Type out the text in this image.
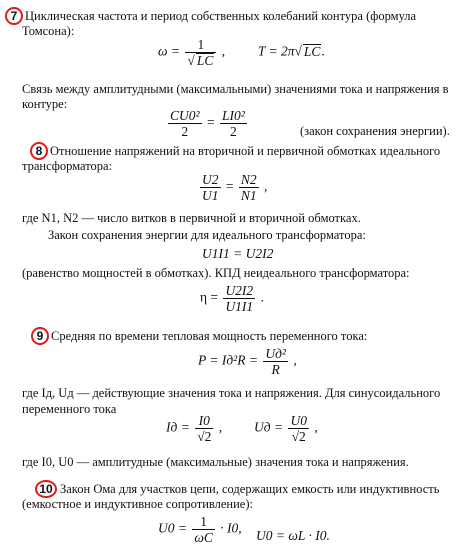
7 Циклическая частота и период собственных колебаний контура (формула
Томсона):
$\omega = \frac{1}{√ LC}$ , T = 2π√ LC.
Связь между амплитудными (максимальными) значениями тока и напряжения в
контуре:
$\frac{\text{CU0²}}{2} = \frac{\text{LI0²}}{2}$	(закон сохранения энергии).
8 Отношение напряжений на вторичной и первичной обмотках идеального
трансформатора:
$\frac{U2}{U1} = \frac{N2}{N1}$ ,
где N1, N2 — число витков в первичной и вторичной обмотках.
Закон сохранения энергии для идеального трансформатора:
U1I1 = U2I2
(равенство мощностей в обмотках). КПД неидеального трансформатора:
$\eta = \frac{U2I2}{U1I1}$ .
9 Средняя по времени тепловая мощность переменного тока:
$P = Iд^2R = \frac{\text{Uд²}}{R}$ ,
где Iд, Uд — действующие значения тока и напряжения. Для синусоидального
переменного тока
Iд = $\frac{I0}{√2}$ , Uд = $\frac{U0}{√2}$ ,
где I0, U0 — амплитудные (максимальные) значения тока и напряжения.
10 Закон Ома для участков цепи, содержащих емкость или индуктивность
(емкостное и индуктивное сопротивление):
$U0 = \frac{1}{\omega C} \cdot I0$, U0 = ωL · I0.
